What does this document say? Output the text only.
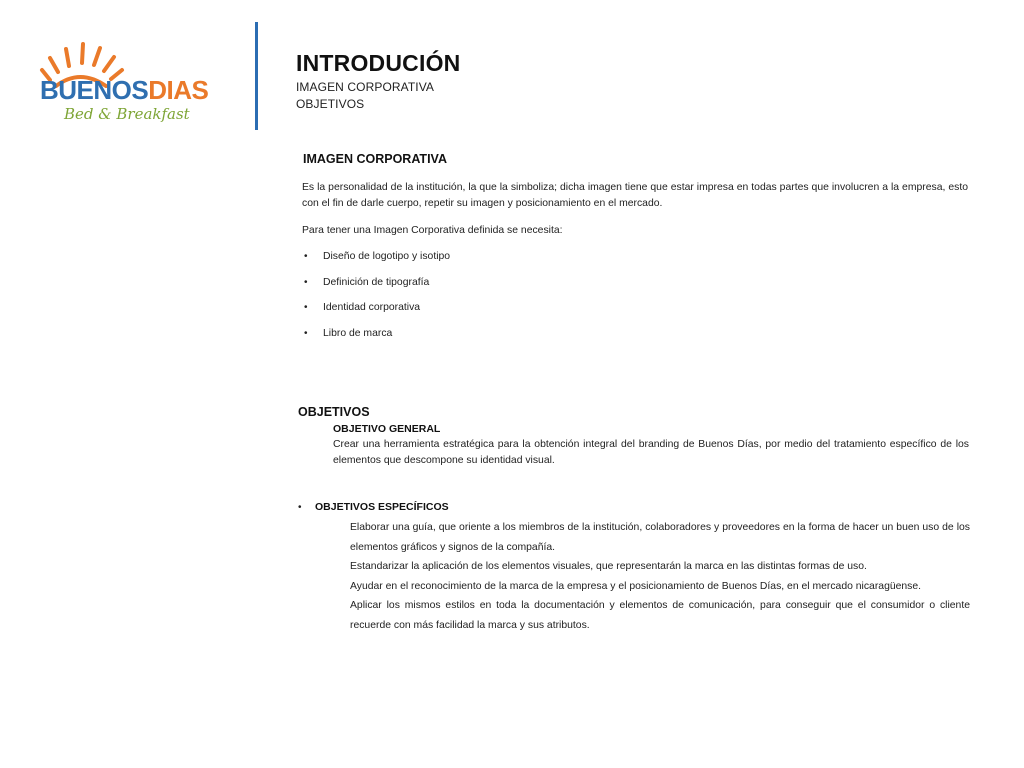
BUENOSDIAS
Bed & Breakfast
INTRODUCIÓN
IMAGEN CORPORATIVA
OBJETIVOS
IMAGEN CORPORATIVA
Es la personalidad de la institución, la que la simboliza; dicha imagen tiene que estar impresa en todas partes que involucren a la empresa, esto con el fin de darle cuerpo, repetir su imagen y posicionamiento en el mercado.
Para tener una Imagen Corporativa definida se necesita:
• Diseño de logotipo y isotipo
• Definición de tipografía
• Identidad corporativa
• Libro de marca
OBJETIVOS
OBJETIVO GENERAL
Crear una herramienta estratégica para la obtención integral del branding de Buenos Días, por medio del tratamiento específico de los elementos que descompone su identidad visual.
• OBJETIVOS ESPECÍFICOS
Elaborar una guía, que oriente a los miembros de la institución, colaboradores y proveedores en la forma de hacer un buen uso de los elementos gráficos y signos de la compañía.
Estandarizar la aplicación de los elementos visuales, que representarán la marca en las distintas formas de uso.
Ayudar en el reconocimiento de la marca de la empresa y el posicionamiento de Buenos Días, en el mercado nicaragüense.
Aplicar los mismos estilos en toda la documentación y elementos de comunicación, para conseguir que el consumidor o cliente recuerde con más facilidad la marca y sus atributos.
